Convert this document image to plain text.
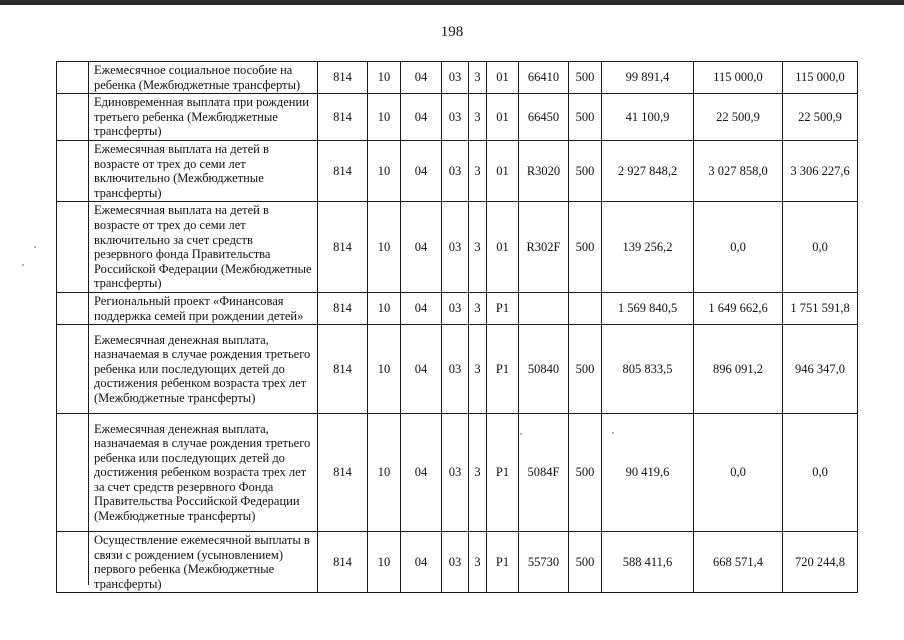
198
Ежемесячное социальное пособие на ребенка (Межбюджетные трансферты)	814	10	04	03	3	01	66410	500	99 891,4	115 000,0	115 000,0
Единовременная выплата при рождении третьего ребенка (Межбюджетные трансферты)	814	10	04	03	3	01	66450	500	41 100,9	22 500,9	22 500,9
Ежемесячная выплата на детей в возрасте от трех до семи лет включительно (Межбюджетные трансферты)	814	10	04	03	3	01	R3020	500	2 927 848,2	3 027 858,0	3 306 227,6
Ежемесячная выплата на детей в возрасте от трех до семи лет включительно за счет средств резервного фонда Правительства Российской Федерации (Межбюджетные трансферты)	814	10	04	03	3	01	R302F	500	139 256,2	0,0	0,0
Региональный проект «Финансовая поддержка семей при рождении детей»	814	10	04	03	3	P1			1 569 840,5	1 649 662,6	1 751 591,8
Ежемесячная денежная выплата, назначаемая в случае рождения третьего ребенка или последующих детей до достижения ребенком возраста трех лет (Межбюджетные трансферты)	814	10	04	03	3	P1	50840	500	805 833,5	896 091,2	946 347,0
Ежемесячная денежная выплата, назначаемая в случае рождения третьего ребенка или последующих детей до достижения ребенком возраста трех лет за счет средств резервного Фонда Правительства Российской Федерации (Межбюджетные трансферты)	814	10	04	03	3	P1	5084F	500	90 419,6	0,0	0,0
Осуществление ежемесячной выплаты в связи с рождением (усыновлением) первого ребенка (Межбюджетные трансферты)	814	10	04	03	3	P1	55730	500	588 411,6	668 571,4	720 244,8
